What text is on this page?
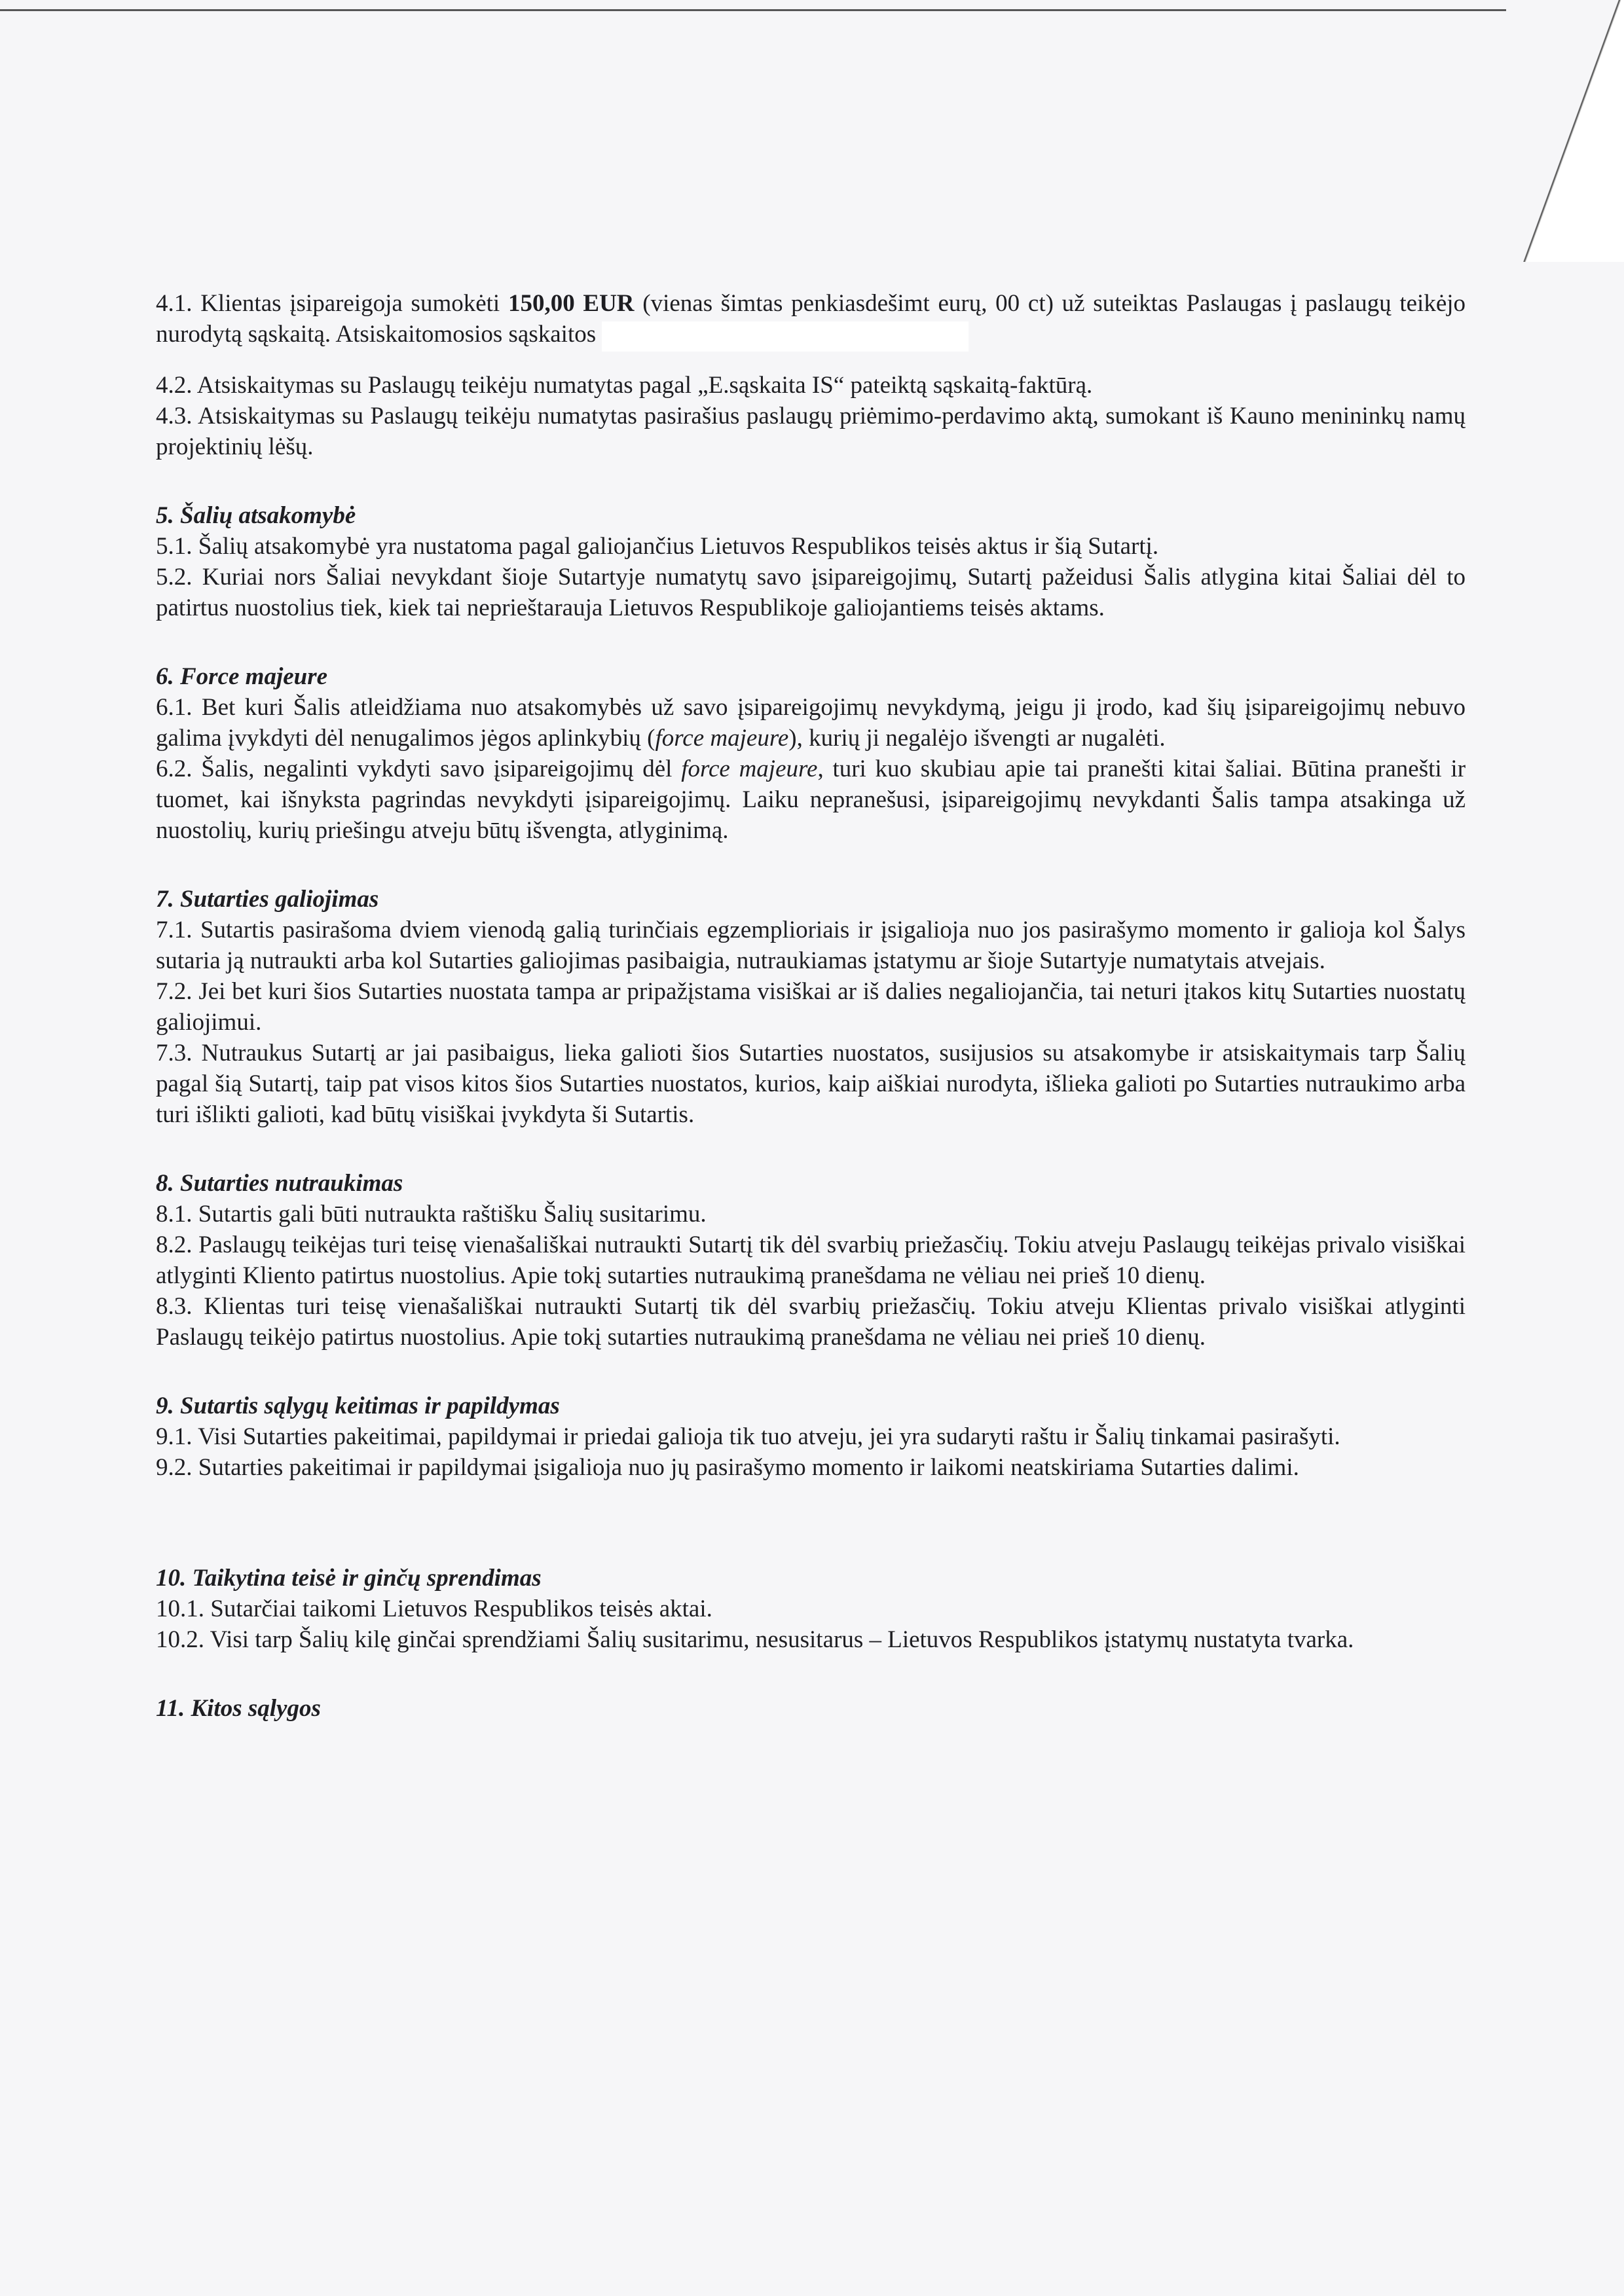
4.1. Klientas įsipareigoja sumokėti 150,00 EUR (vienas šimtas penkiasdešimt eurų, 00 ct) už suteiktas Paslaugas į paslaugų teikėjo nurodytą sąskaitą. Atsiskaitomosios sąskaitos

4.2. Atsiskaitymas su Paslaugų teikėju numatytas pagal „E.sąskaita IS“ pateiktą sąskaitą-faktūrą.

4.3. Atsiskaitymas su Paslaugų teikėju numatytas pasirašius paslaugų priėmimo-perdavimo aktą, sumokant iš Kauno menininkų namų projektinių lėšų.

5. Šalių atsakomybė

5.1. Šalių atsakomybė yra nustatoma pagal galiojančius Lietuvos Respublikos teisės aktus ir šią Sutartį.

5.2. Kuriai nors Šaliai nevykdant šioje Sutartyje numatytų savo įsipareigojimų, Sutartį pažeidusi Šalis atlygina kitai Šaliai dėl to patirtus nuostolius tiek, kiek tai neprieštarauja Lietuvos Respublikoje galiojantiems teisės aktams.

6. Force majeure

6.1. Bet kuri Šalis atleidžiama nuo atsakomybės už savo įsipareigojimų nevykdymą, jeigu ji įrodo, kad šių įsipareigojimų nebuvo galima įvykdyti dėl nenugalimos jėgos aplinkybių (force majeure), kurių ji negalėjo išvengti ar nugalėti.

6.2. Šalis, negalinti vykdyti savo įsipareigojimų dėl force majeure, turi kuo skubiau apie tai pranešti kitai šaliai. Būtina pranešti ir tuomet, kai išnyksta pagrindas nevykdyti įsipareigojimų. Laiku nepranešusi, įsipareigojimų nevykdanti Šalis tampa atsakinga už nuostolių, kurių priešingu atveju būtų išvengta, atlyginimą.

7. Sutarties galiojimas

7.1. Sutartis pasirašoma dviem vienodą galią turinčiais egzemplioriais ir įsigalioja nuo jos pasirašymo momento ir galioja kol Šalys sutaria ją nutraukti arba kol Sutarties galiojimas pasibaigia, nutraukiamas įstatymu ar šioje Sutartyje numatytais atvejais.

7.2. Jei bet kuri šios Sutarties nuostata tampa ar pripažįstama visiškai ar iš dalies negaliojančia, tai neturi įtakos kitų Sutarties nuostatų galiojimui.

7.3. Nutraukus Sutartį ar jai pasibaigus, lieka galioti šios Sutarties nuostatos, susijusios su atsakomybe ir atsiskaitymais tarp Šalių pagal šią Sutartį, taip pat visos kitos šios Sutarties nuostatos, kurios, kaip aiškiai nurodyta, išlieka galioti po Sutarties nutraukimo arba turi išlikti galioti, kad būtų visiškai įvykdyta ši Sutartis.

8. Sutarties nutraukimas

8.1. Sutartis gali būti nutraukta raštišku Šalių susitarimu.

8.2. Paslaugų teikėjas turi teisę vienašališkai nutraukti Sutartį tik dėl svarbių priežasčių. Tokiu atveju Paslaugų teikėjas privalo visiškai atlyginti Kliento patirtus nuostolius. Apie tokį sutarties nutraukimą pranešdama ne vėliau nei prieš 10 dienų.

8.3. Klientas turi teisę vienašališkai nutraukti Sutartį tik dėl svarbių priežasčių. Tokiu atveju Klientas privalo visiškai atlyginti Paslaugų teikėjo patirtus nuostolius. Apie tokį sutarties nutraukimą pranešdama ne vėliau nei prieš 10 dienų.

9. Sutartis sąlygų keitimas ir papildymas

9.1. Visi Sutarties pakeitimai, papildymai ir priedai galioja tik tuo atveju, jei yra sudaryti raštu ir Šalių tinkamai pasirašyti.

9.2. Sutarties pakeitimai ir papildymai įsigalioja nuo jų pasirašymo momento ir laikomi neatskiriama Sutarties dalimi.

10. Taikytina teisė ir ginčų sprendimas

10.1. Sutarčiai taikomi Lietuvos Respublikos teisės aktai.

10.2. Visi tarp Šalių kilę ginčai sprendžiami Šalių susitarimu, nesusitarus – Lietuvos Respublikos įstatymų nustatyta tvarka.

11. Kitos sąlygos
